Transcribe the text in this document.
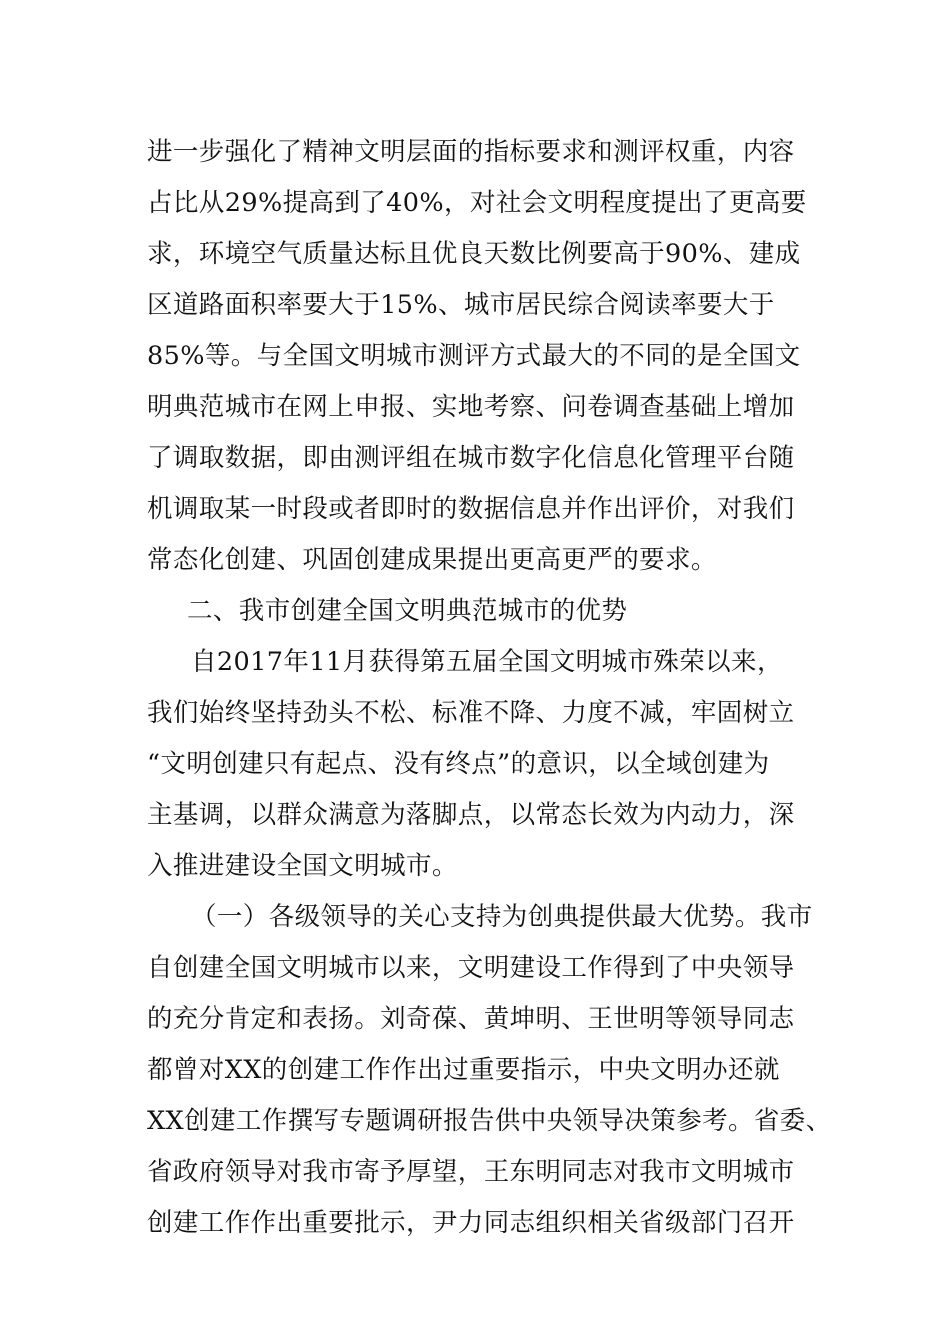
进一步强化了精神文明层面的指标要求和测评权重，内容
占比从29%提高到了40%，对社会文明程度提出了更高要
求，环境空气质量达标且优良天数比例要高于90%、建成
区道路面积率要大于15%、城市居民综合阅读率要大于
85%等。与全国文明城市测评方式最大的不同的是全国文
明典范城市在网上申报、实地考察、问卷调查基础上增加
了调取数据，即由测评组在城市数字化信息化管理平台随
机调取某一时段或者即时的数据信息并作出评价，对我们
常态化创建、巩固创建成果提出更高更严的要求。
二、我市创建全国文明典范城市的优势
自2017年11月获得第五届全国文明城市殊荣以来，
我们始终坚持劲头不松、标准不降、力度不减，牢固树立
“文明创建只有起点、没有终点”的意识，以全域创建为
主基调，以群众满意为落脚点，以常态长效为内动力，深
入推进建设全国文明城市。
（一）各级领导的关心支持为创典提供最大优势。我市
自创建全国文明城市以来，文明建设工作得到了中央领导
的充分肯定和表扬。刘奇葆、黄坤明、王世明等领导同志
都曾对XX的创建工作作出过重要指示，中央文明办还就
XX创建工作撰写专题调研报告供中央领导决策参考。省委、
省政府领导对我市寄予厚望，王东明同志对我市文明城市
创建工作作出重要批示，尹力同志组织相关省级部门召开
